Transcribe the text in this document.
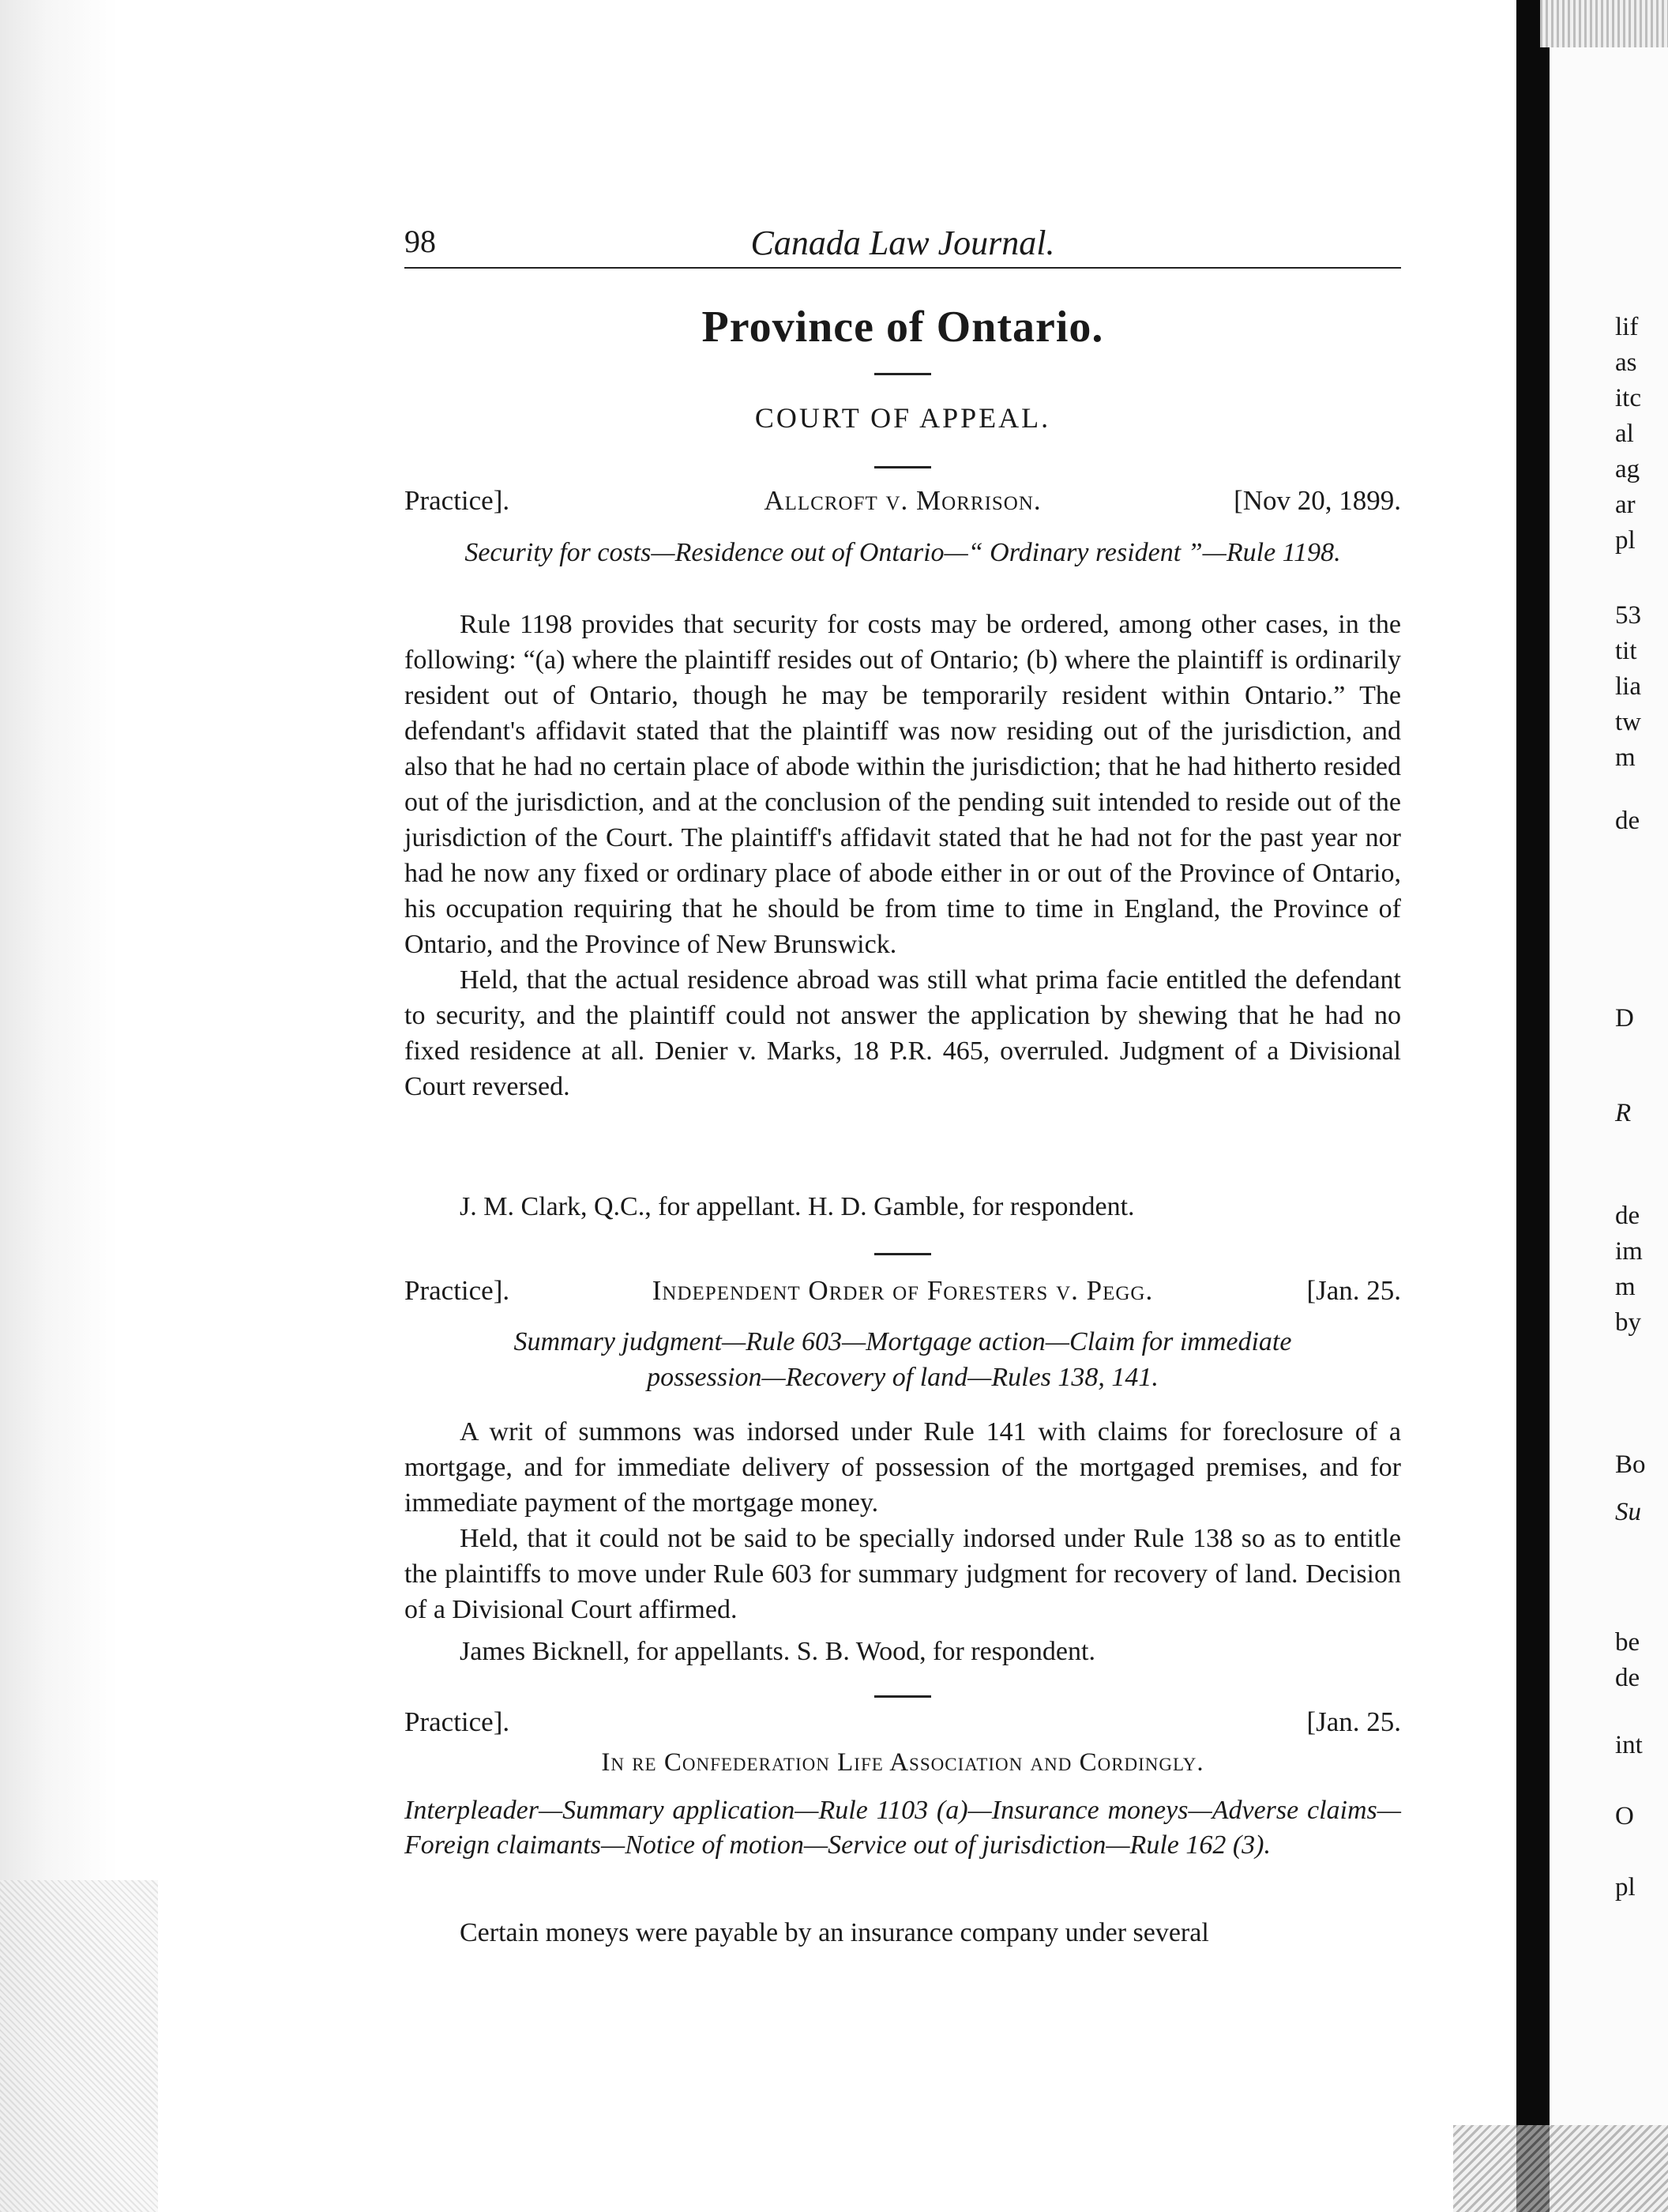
lif
as
itc
al
ag
ar
pl
53
tit
lia
tw
m
de
D
R
de
im
m
by
Bo
Su
be
de
int
O
pl
98	Canada Law Journal.
Province of Ontario.
COURT OF APPEAL.
Practice].	Allcroft v. Morrison.	[Nov 20, 1899.
Security for costs—Residence out of Ontario—“ Ordinary resident ”—Rule 1198.

Rule 1198 provides that security for costs may be ordered, among other cases, in the following: “(a) where the plaintiff resides out of Ontario; (b) where the plaintiff is ordinarily resident out of Ontario, though he may be temporarily resident within Ontario.” The defendant's affidavit stated that the plaintiff was now residing out of the jurisdiction, and also that he had no certain place of abode within the jurisdiction; that he had hitherto resided out of the jurisdiction, and at the conclusion of the pending suit intended to reside out of the jurisdiction of the Court. The plaintiff's affidavit stated that he had not for the past year nor had he now any fixed or ordinary place of abode either in or out of the Province of Ontario, his occupation requiring that he should be from time to time in England, the Province of Ontario, and the Province of New Brunswick.

Held, that the actual residence abroad was still what prima facie entitled the defendant to security, and the plaintiff could not answer the application by shewing that he had no fixed residence at all. Denier v. Marks, 18 P.R. 465, overruled. Judgment of a Divisional Court reversed.

J. M. Clark, Q.C., for appellant. H. D. Gamble, for respondent.
Practice].	Independent Order of Foresters v. Pegg.	[Jan. 25.
Summary judgment—Rule 603—Mortgage action—Claim for immediate
possession—Recovery of land—Rules 138, 141.

A writ of summons was indorsed under Rule 141 with claims for foreclosure of a mortgage, and for immediate delivery of possession of the mortgaged premises, and for immediate payment of the mortgage money.

Held, that it could not be said to be specially indorsed under Rule 138 so as to entitle the plaintiffs to move under Rule 603 for summary judgment for recovery of land. Decision of a Divisional Court affirmed.

James Bicknell, for appellants. S. B. Wood, for respondent.
Practice].	[Jan. 25.
In re Confederation Life Association and Cordingly.
Interpleader—Summary application—Rule 1103 (a)—Insurance moneys—Adverse claims—Foreign claimants—Notice of motion—Service out of jurisdiction—Rule 162 (3).

Certain moneys were payable by an insurance company under several
